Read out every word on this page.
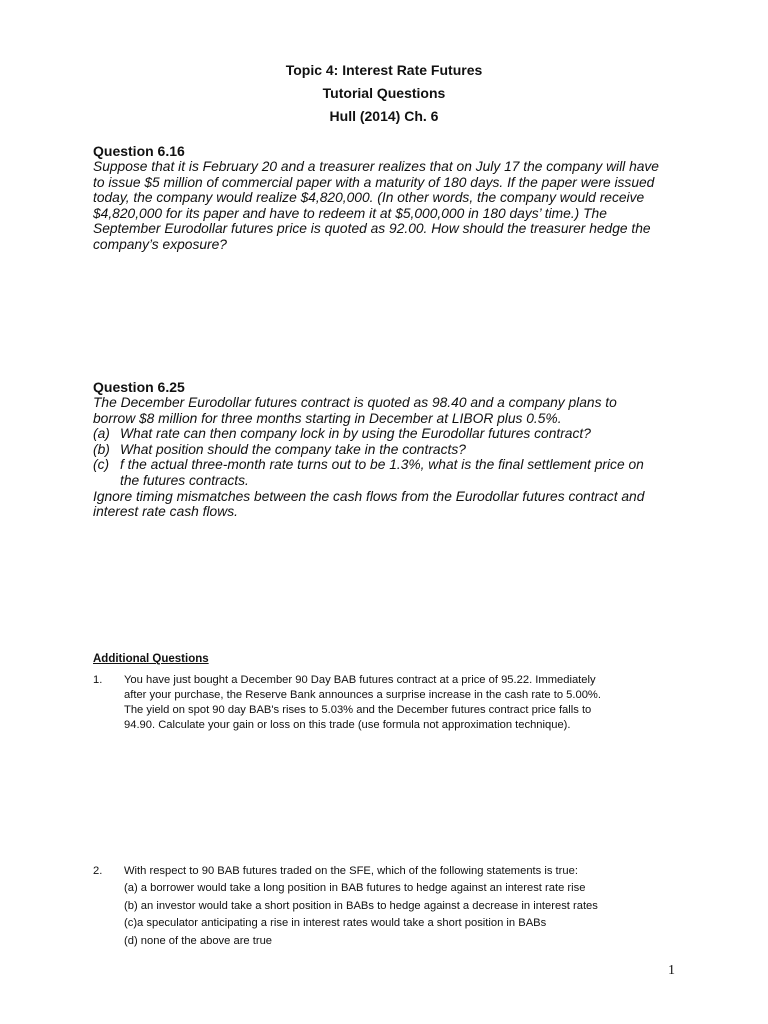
Topic 4: Interest Rate Futures
Tutorial Questions
Hull (2014) Ch. 6
Question 6.16

Suppose that it is February 20 and a treasurer realizes that on July 17 the company will have

to issue $5 million of commercial paper with a maturity of 180 days. If the paper were issued

today, the company would realize $4,820,000. (In other words, the company would receive

$4,820,000 for its paper and have to redeem it at $5,000,000 in 180 days’ time.) The

September Eurodollar futures price is quoted as 92.00. How should the treasurer hedge the

company’s exposure?

Question 6.25

The December Eurodollar futures contract is quoted as 98.40 and a company plans to

borrow $8 million for three months starting in December at LIBOR plus 0.5%.

(a) What rate can then company lock in by using the Eurodollar futures contract?
(b) What position should the company take in the contracts?
(c) f the actual three-month rate turns out to be 1.3%, what is the final settlement price on

the futures contracts.

Ignore timing mismatches between the cash flows from the Eurodollar futures contract and

interest rate cash flows.

Additional Questions
1. You have just bought a December 90 Day BAB futures contract at a price of 95.22. Immediately

after your purchase, the Reserve Bank announces a surprise increase in the cash rate to 5.00%.

The yield on spot 90 day BAB's rises to 5.03% and the December futures contract price falls to

94.90. Calculate your gain or loss on this trade (use formula not approximation technique).

2. With respect to 90 BAB futures traded on the SFE, which of the following statements is true:
(a) a borrower would take a long position in BAB futures to hedge against an interest rate rise
(b) an investor would take a short position in BABs to hedge against a decrease in interest rates
(c)a speculator anticipating a rise in interest rates would take a short position in BABs
(d) none of the above are true
1
